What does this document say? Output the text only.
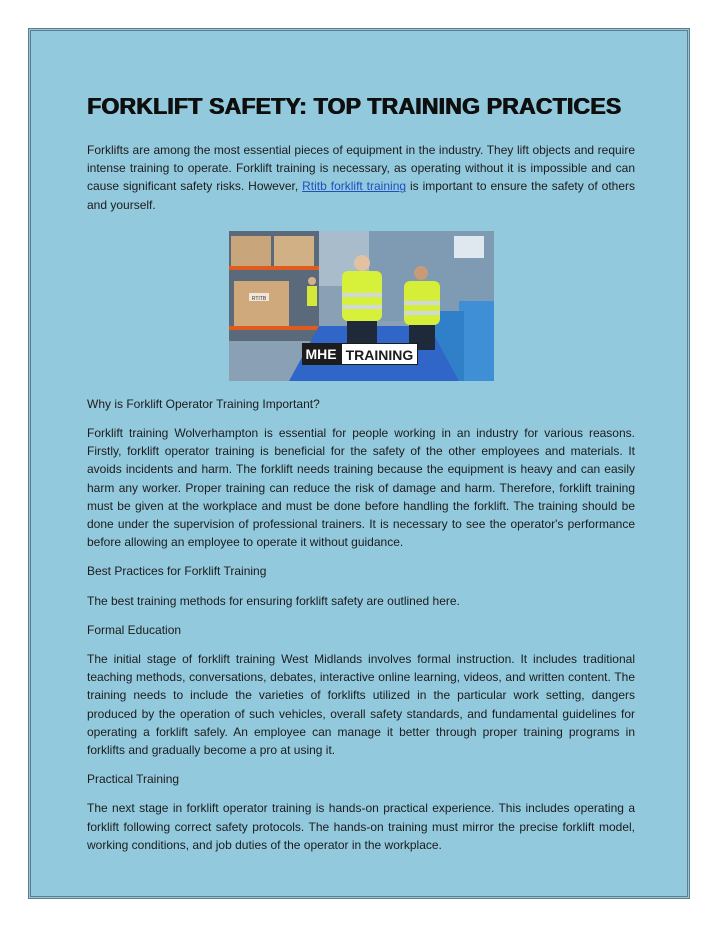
FORKLIFT SAFETY: TOP TRAINING PRACTICES

Forklifts are among the most essential pieces of equipment in the industry. They lift objects and require intense training to operate. Forklift training is necessary, as operating without it is impossible and can cause significant safety risks. However, Rtitb forklift training is important to ensure the safety of others and yourself.

RTITB
MHE TRAINING

Why is Forklift Operator Training Important?

Forklift training Wolverhampton is essential for people working in an industry for various reasons. Firstly, forklift operator training is beneficial for the safety of the other employees and materials. It avoids incidents and harm. The forklift needs training because the equipment is heavy and can easily harm any worker. Proper training can reduce the risk of damage and harm. Therefore, forklift training must be given at the workplace and must be done before handling the forklift. The training should be done under the supervision of professional trainers. It is necessary to see the operator's performance before allowing an employee to operate it without guidance.

Best Practices for Forklift Training

The best training methods for ensuring forklift safety are outlined here.

Formal Education

The initial stage of forklift training West Midlands involves formal instruction. It includes traditional teaching methods, conversations, debates, interactive online learning, videos, and written content. The training needs to include the varieties of forklifts utilized in the particular work setting, dangers produced by the operation of such vehicles, overall safety standards, and fundamental guidelines for operating a forklift safely. An employee can manage it better through proper training programs in forklifts and gradually become a pro at using it.

Practical Training

The next stage in forklift operator training is hands-on practical experience. This includes operating a forklift following correct safety protocols. The hands-on training must mirror the precise forklift model, working conditions, and job duties of the operator in the workplace.
